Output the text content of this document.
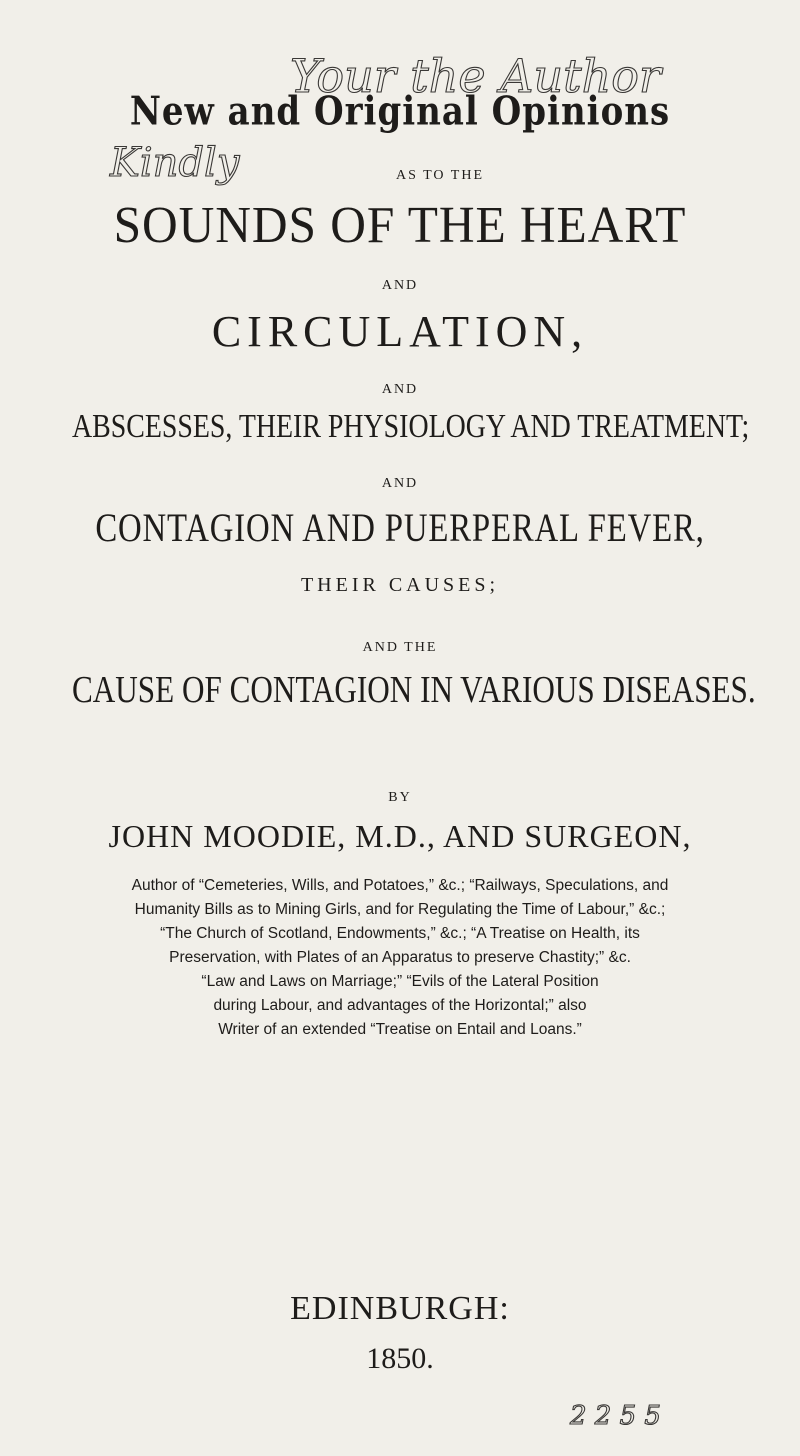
New and Original Opinions
AS TO THE
SOUNDS OF THE HEART
AND
CIRCULATION,
AND
ABSCESSES, THEIR PHYSIOLOGY AND TREATMENT;
AND
CONTAGION AND PUERPERAL FEVER,
THEIR CAUSES;
AND THE
CAUSE OF CONTAGION IN VARIOUS DISEASES.
BY
JOHN MOODIE, M.D., AND SURGEON,
Author of “Cemeteries, Wills, and Potatoes,” &c.; “Railways, Speculations, and
Humanity Bills as to Mining Girls, and for Regulating the Time of Labour,” &c.;
“The Church of Scotland, Endowments,” &c.; “A Treatise on Health, its
Preservation, with Plates of an Apparatus to preserve Chastity;” &c.
“Law and Laws on Marriage;” “Evils of the Lateral Position
during Labour, and advantages of the Horizontal;” also
Writer of an extended “Treatise on Entail and Loans.”
EDINBURGH:
1850.
Your the Author
Kindly
2 2 5 5
